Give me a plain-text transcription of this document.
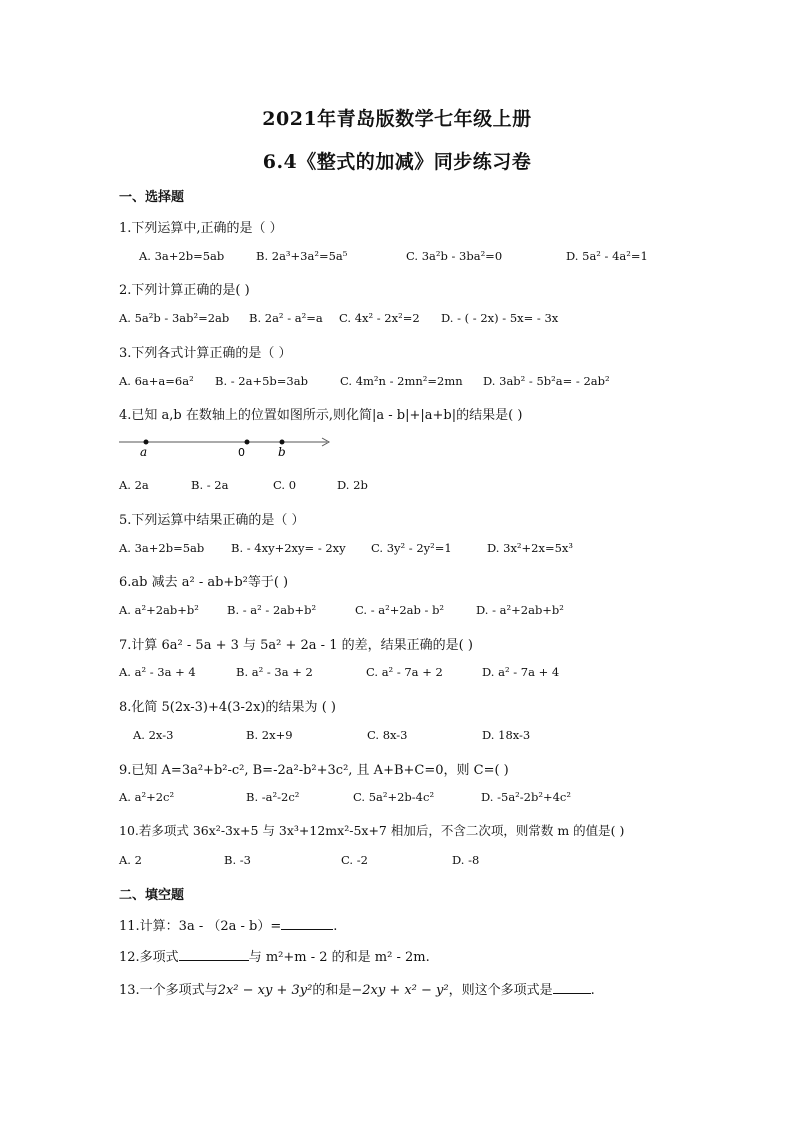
2021年青岛版数学七年级上册
6.4《整式的加减》同步练习卷
一、选择题
1.下列运算中,正确的是（ ）
A. 3a+2b=5ab	B. 2a³+3a²=5a⁵	C. 3a²b - 3ba²=0	D. 5a² - 4a²=1
2.下列计算正确的是( )
A. 5a²b - 3ab²=2ab B. 2a² - a²=a C. 4x² - 2x²=2 D. - ( - 2x) - 5x= - 3x
3.下列各式计算正确的是（ ）
A. 6a+a=6a² B. - 2a+5b=3ab	C. 4m²n - 2mn²=2mn D. 3ab² - 5b²a= - 2ab²
4.已知 a,b 在数轴上的位置如图所示,则化简|a - b|+|a+b|的结果是( )
a	0	b
A. 2a	B. - 2a	C. 0	D. 2b
5.下列运算中结果正确的是（ ）
A. 3a+2b=5ab B. - 4xy+2xy= - 2xy C. 3y² - 2y²=1	D. 3x²+2x=5x³
6.ab 减去 a² - ab+b²等于( )
A. a²+2ab+b² B. - a² - 2ab+b²	C. - a²+2ab - b²	D. - a²+2ab+b²
7.计算 6a² - 5a + 3 与 5a² + 2a - 1 的差，结果正确的是( )
A. a² - 3a + 4	B. a² - 3a + 2	C. a² - 7a + 2	D. a² - 7a + 4
8.化简 5(2x-3)+4(3-2x)的结果为 ( )
A. 2x-3	B. 2x+9	C. 8x-3	D. 18x-3
9.已知 A=3a²+b²-c², B=-2a²-b²+3c², 且 A+B+C=0，则 C=( )
A. a²+2c²	B. -a²-2c²	C. 5a²+2b-4c²	D. -5a²-2b²+4c²
10.若多项式 36x²-3x+5 与 3x³+12mx²-5x+7 相加后，不含二次项，则常数 m 的值是( )
A. 2	B. -3	C. -2	D. -8
二、填空题
11.计算：3a - （2a - b）=	.
12.多项式	与 m²+m - 2 的和是 m² - 2m.
13.一个多项式与2x² − xy + 3y²的和是−2xy + x² − y²，则这个多项式是	.
